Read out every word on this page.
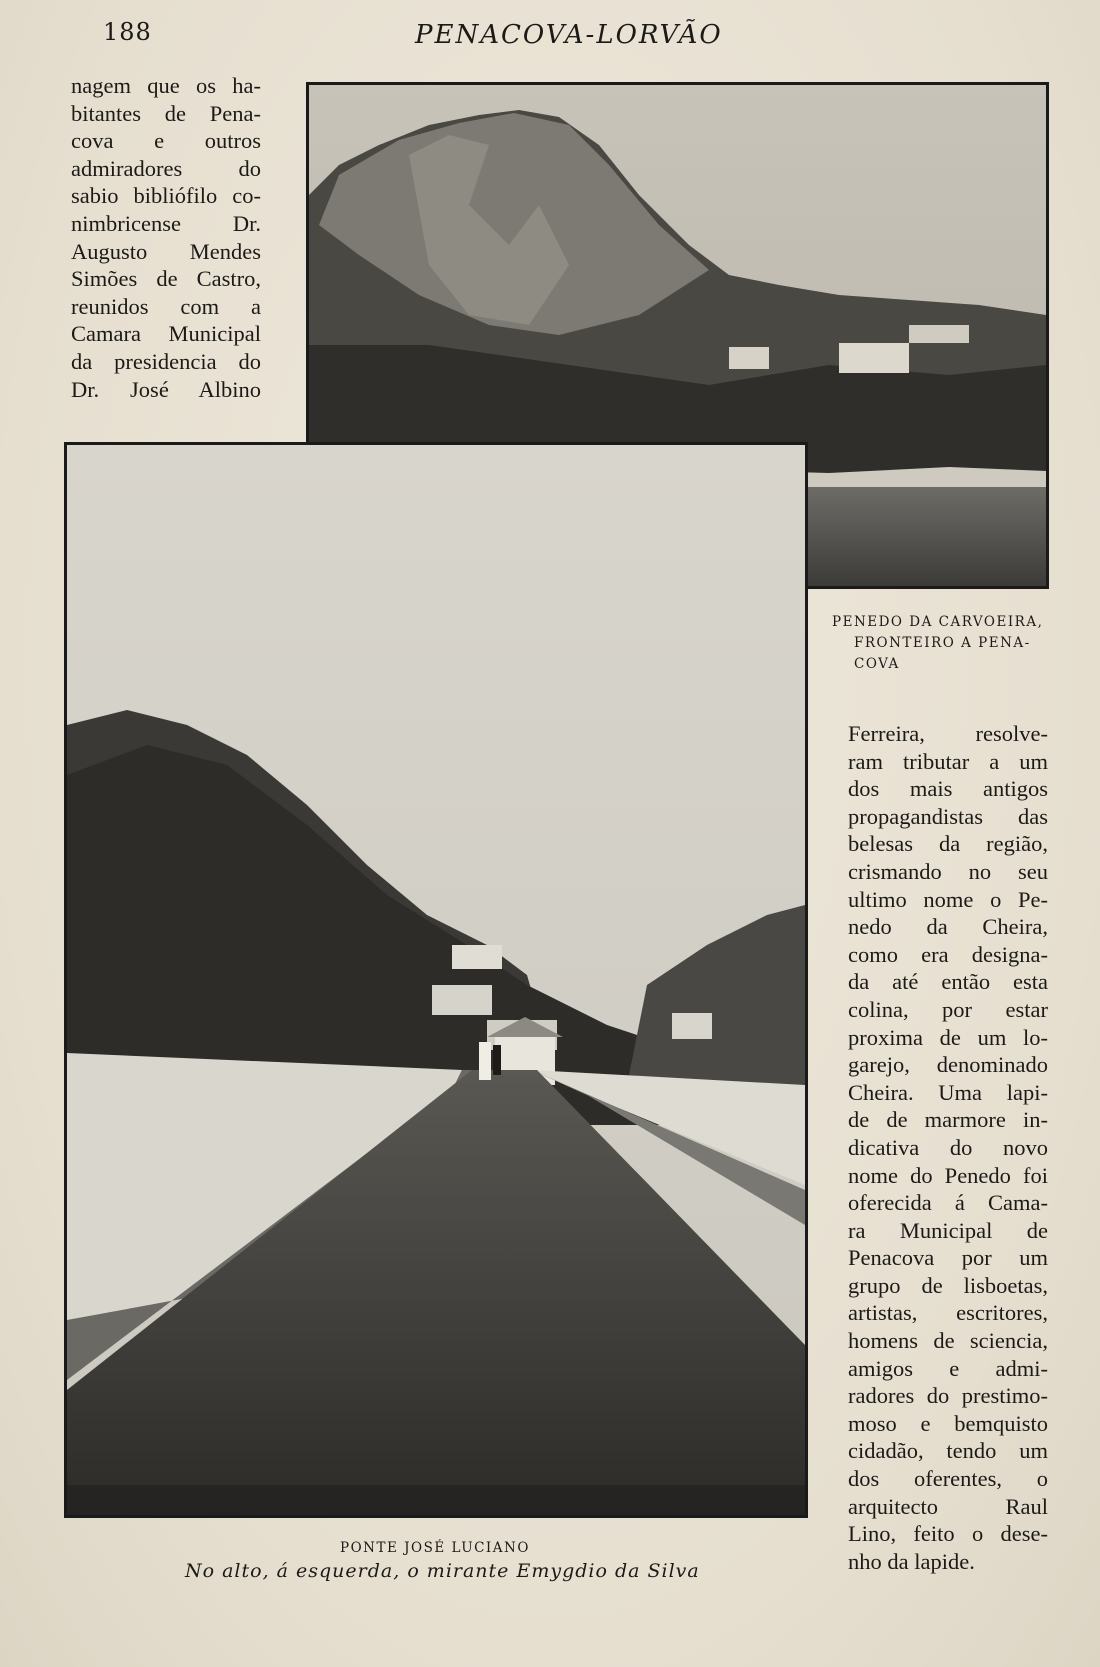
188	PENACOVA-LORVÃO
nagem que os ha-
bitantes de Pena-
cova e outros
admiradores do
sabio bibliófilo co-
nimbricense Dr.
Augusto Mendes
Simões de Castro,
reunidos com a
Camara Municipal
da presidencia do
Dr. José Albino
PENEDO DA CARVOEIRA,
FRONTEIRO A PENA-
COVA
PONTE JOSÉ LUCIANO
No alto, á esquerda, o mirante Emygdio da Silva
Ferreira, resolve-
ram tributar a um
dos mais antigos
propagandistas das
belesas da região,
crismando no seu
ultimo nome o Pe-
nedo da Cheira,
como era designa-
da até então esta
colina, por estar
proxima de um lo-
garejo, denominado
Cheira. Uma lapi-
de de marmore in-
dicativa do novo
nome do Penedo foi
oferecida á Cama-
ra Municipal de
Penacova por um
grupo de lisboetas,
artistas, escritores,
homens de sciencia,
amigos e admi-
radores do prestimo-
moso e bemquisto
cidadão, tendo um
dos oferentes, o
arquitecto Raul
Lino, feito o dese-
nho da lapide.
